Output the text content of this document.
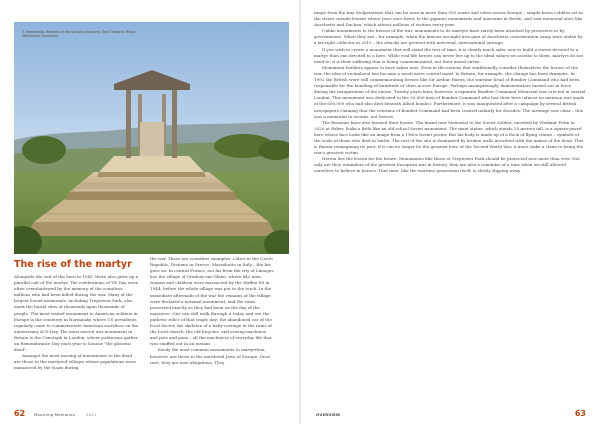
3. Marzabotto. Remains of the Sacrario (ossuary); Sole Cerbone. Photo: (Wikimedia Commons)
The rise of the martyr

Alongside the cult of the hero in 1945, there also grew up a parallel cult of the martyr. The celebrations of VE Day were often overshadowed by the memory of the countless millions who had been killed during the war. Many of the largest Soviet memorials, including Treptower Park, also mark the burial sites of thousands upon thousands of people. The most visited monument to American soldiers in Europe is the cemetery in Normandy, where US presidents regularly come to commemorate American sacrifices on the anniversary of D-Day. The most sacred war monument in Britain is the Cenotaph in London, where politicians gather on Remembrance Day each year to honour "the glorious dead".

Amongst the most moving of monuments to the dead are those to the martyred villages whose populations were massacred by the Nazis during

the war. These are countless examples: Lidice in the Czech Republic, Distomo in Greece, Marzabotto in Italy – the list goes on. In central France, not far from the city of Limoges, lies the village of Oradour-sur-Glane, where 642 men, women and children were massacred by the Waffen-SS in 1944, before the whole village was put to the torch. In the immediate aftermath of the war the remains of the village were declared a national monument, and the ruins preserved exactly as they had been on the day of the massacre. One can still walk through it today and see the pathetic relics of that tragic day: the abandoned car of the local doctor, the skeleton of a baby-carriage in the ruins of the local church, the old bicycles, and sewing-machines, and pots and pans – all the machinery of everyday life that was snuffed out in an instant.

Easily the most common monuments to martyrdom, however, are those to the murdered Jews of Europe. Once rare, they are now ubiquitous. They

62 Mourning Memories	2021	63

range from the tiny Stolpersteine that can be seen in more than 500 towns and cities across Europe – simple brass cobbles set in the street outside houses where Jews once lived, to the gigantic monuments and museums in Berlin, and vast memorial sites like Auschwitz and Dachau, which attract millions of visitors every year.

Unlike monuments to the heroes of the war, monuments to its martyrs have rarely been attacked by protesters or by governments. When they are – for example, when the famous wrought-iron gate of Auschwitz concentration camp were stolen by a far-right collector in 2010 – the attacks are greeted with universal, international outrage.

If you wish to create a monument that will stand the test of time, it is clearly much safer now to build a statue devoted to a martyr than one devoted to a hero. While real-life heroes can never live up to the ideal values we ascribe to them, martyrs do not need to: it is their suffering that is being commemorated, not their moral virtue.

Monument builders appear to have taken note. Even in the nations that traditionally consider themselves the heroes of the war, the idea of victimhood has become a much more central motif. In Britain, for example, the change has been dramatic. In 1992 the British were still commemorating heroes like Sir Arthur Harris, the wartime head of Bomber Command who had been responsible for the bombing of hundreds of cities across Europe. Perhaps unsurprisingly, demonstrators turned out in force during the inauguration of the statue. Twenty years later, however, a separate Bomber Command Memorial was erected in central London. This monument was dedicated to the 55,000 men of Bomber Command who lost their lives (almost no mention was made of the 600,000 who had also died beneath Allied bombs). Furthermore, it was inaugurated after a campaign by several British newspapers claiming that the veterans of Bomber Command had been treated unfairly for decades. The message was clear – this was a memorial to victims, not heroes.

The Russians have also learned their lesson. The brand new Memorial to the Soviet Soldier, unveiled by Vladimir Putin in 2020 at Rzhev, looks a little like an old school Soviet monument. The main statue, which stands 25 metres tall, is a square-jawed hero whose face looks like an image from a 1960s Soviet poster. But his body is made up of a flock of flying cranes – symbols of the souls of those who died in battle. The rest of the site is dominated by broken walls inscribed with the names of the dead. This is Russia reimagining its past: if it can no longer be the greatest hero of the Second World War, it must stake a claim to being the war's greatest victim.

Herein lies the lesson for the future. Monuments like those at Treptower Park should be protected now more than ever. Not only are they reminders of the greatest European war in history, they are also a reminder of a time when we still allowed ourselves to believe in heroes. That time, like the wartime generation itself, is slowly slipping away

OVERVIEW
